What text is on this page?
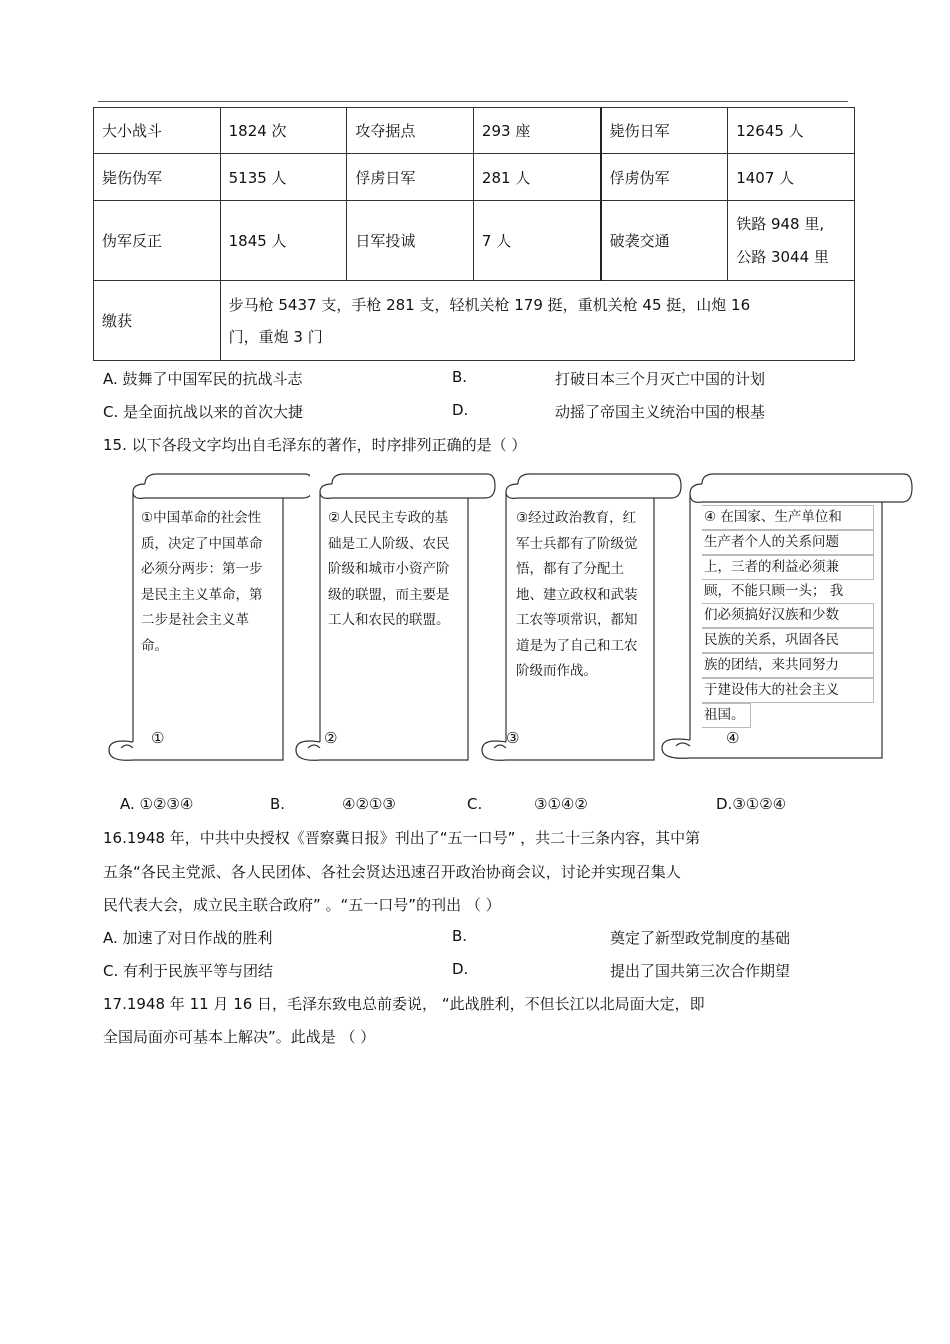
大小战斗	1824 次	攻夺据点	293 座	毙伤日军	12645 人
毙伤伪军	5135 人	俘虏日军	281 人	俘虏伪军	1407 人
伪军反正	1845 人	日军投诚	7 人	破袭交通	铁路 948 里,
公路 3044 里

缴获	步马枪 5437 支，手枪 281 支，轻机关枪 179 挺，重机关枪 45 挺，山炮 16
门，重炮 3 门				
A. 鼓舞了中国军民的抗战斗志	B.	打破日本三个月灭亡中国的计划
C. 是全面抗战以来的首次大捷	D.	动摇了帝国主义统治中国的根基
15. 以下各段文字均出自毛泽东的著作，时序排列正确的是（ ）
①中国革命的社会性质，决定了中国革命必须分两步：第一步是民主主义革命，第二步是社会主义革命。
①
②人民民主专政的基础是工人阶级、农民阶级和城市小资产阶级的联盟，而主要是工人和农民的联盟。
②
③经过政治教育，红军士兵都有了阶级觉悟，都有了分配土地、建立政权和武装工农等项常识，都知道是为了自己和工农阶级而作战。
③
④ 在国家、生产单位和
生产者个人的关系问题
上，三者的利益必须兼
顾，不能只顾一头； 我
们必须搞好汉族和少数
民族的关系，巩固各民
族的团结，来共同努力
于建设伟大的社会主义
祖国。
④
A. ①②③④	B.	④②①③	C.	③①④②	D.③①②④
16.1948 年，中共中央授权《晋察冀日报》刊出了“五一口号” ，共二十三条内容，其中第
五条“各民主党派、各人民团体、各社会贤达迅速召开政治协商会议，讨论并实现召集人
民代表大会，成立民主联合政府” 。“五一口号”的刊出 （ ）
A. 加速了对日作战的胜利	B.	奠定了新型政党制度的基础
C. 有利于民族平等与团结	D.	提出了国共第三次合作期望
17.1948 年 11 月 16 日，毛泽东致电总前委说， “此战胜利，不但长江以北局面大定，即
全国局面亦可基本上解决”。此战是 （ ）
